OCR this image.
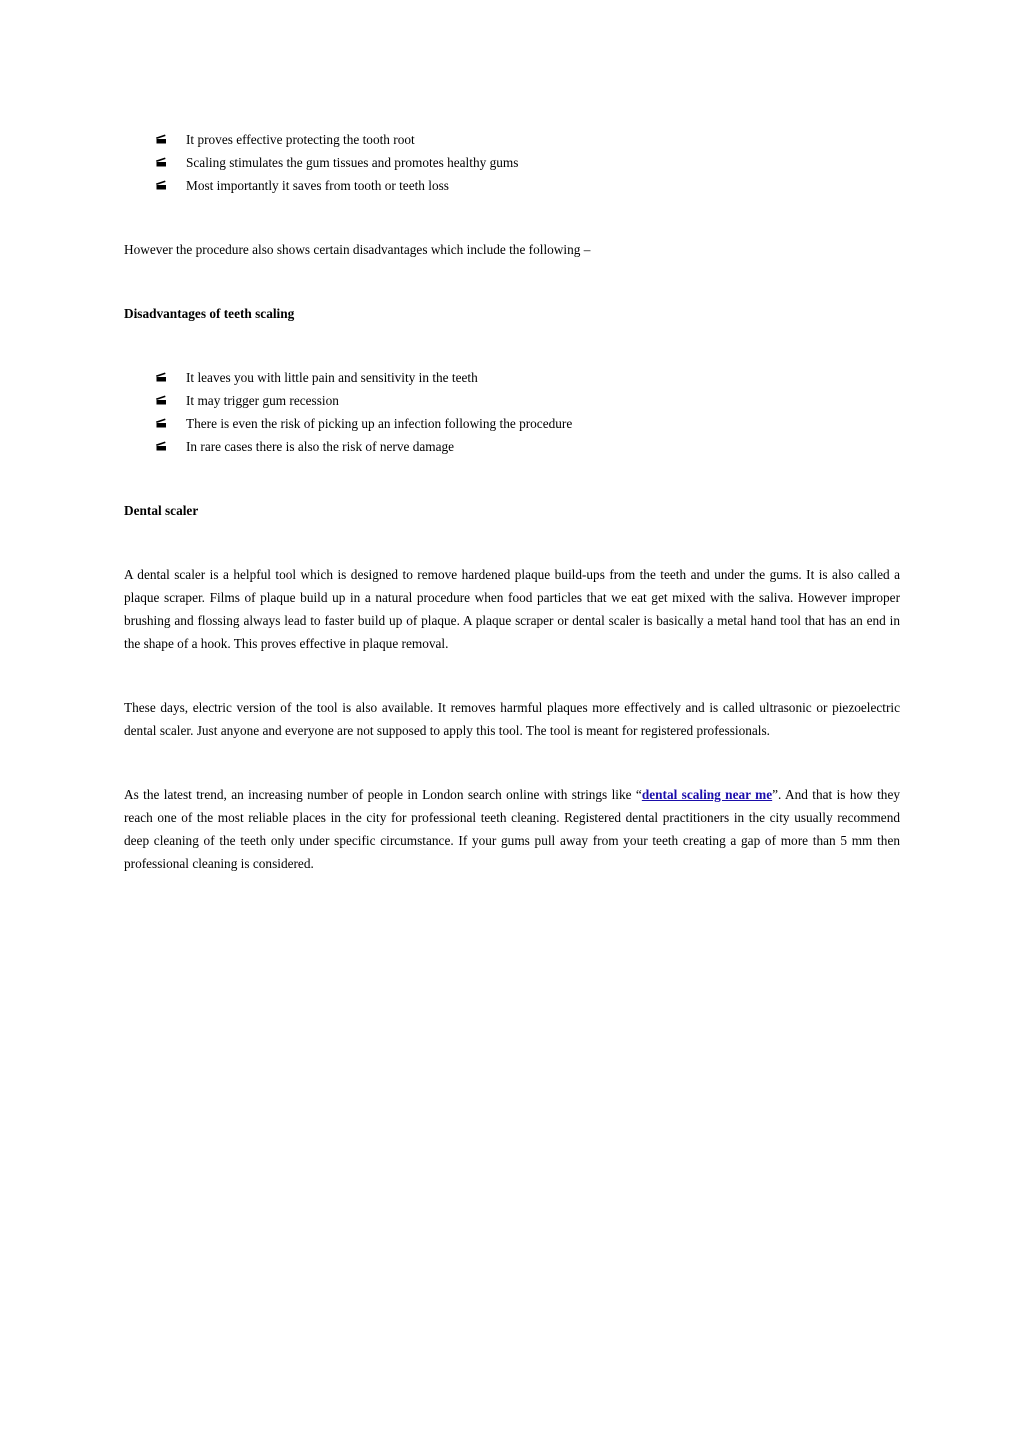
It proves effective protecting the tooth root
Scaling stimulates the gum tissues and promotes healthy gums
Most importantly it saves from tooth or teeth loss
However the procedure also shows certain disadvantages which include the following –
Disadvantages of teeth scaling
It leaves you with little pain and sensitivity in the teeth
It may trigger gum recession
There is even the risk of picking up an infection following the procedure
In rare cases there is also the risk of nerve damage
Dental scaler

A dental scaler is a helpful tool which is designed to remove hardened plaque build-ups from the teeth and under the gums. It is also called a plaque scraper. Films of plaque build up in a natural procedure when food particles that we eat get mixed with the saliva. However improper brushing and flossing always lead to faster build up of plaque. A plaque scraper or dental scaler is basically a metal hand tool that has an end in the shape of a hook. This proves effective in plaque removal.

These days, electric version of the tool is also available. It removes harmful plaques more effectively and is called ultrasonic or piezoelectric dental scaler. Just anyone and everyone are not supposed to apply this tool. The tool is meant for registered professionals.

As the latest trend, an increasing number of people in London search online with strings like “dental scaling near me”. And that is how they reach one of the most reliable places in the city for professional teeth cleaning. Registered dental practitioners in the city usually recommend deep cleaning of the teeth only under specific circumstance. If your gums pull away from your teeth creating a gap of more than 5 mm then professional cleaning is considered.
